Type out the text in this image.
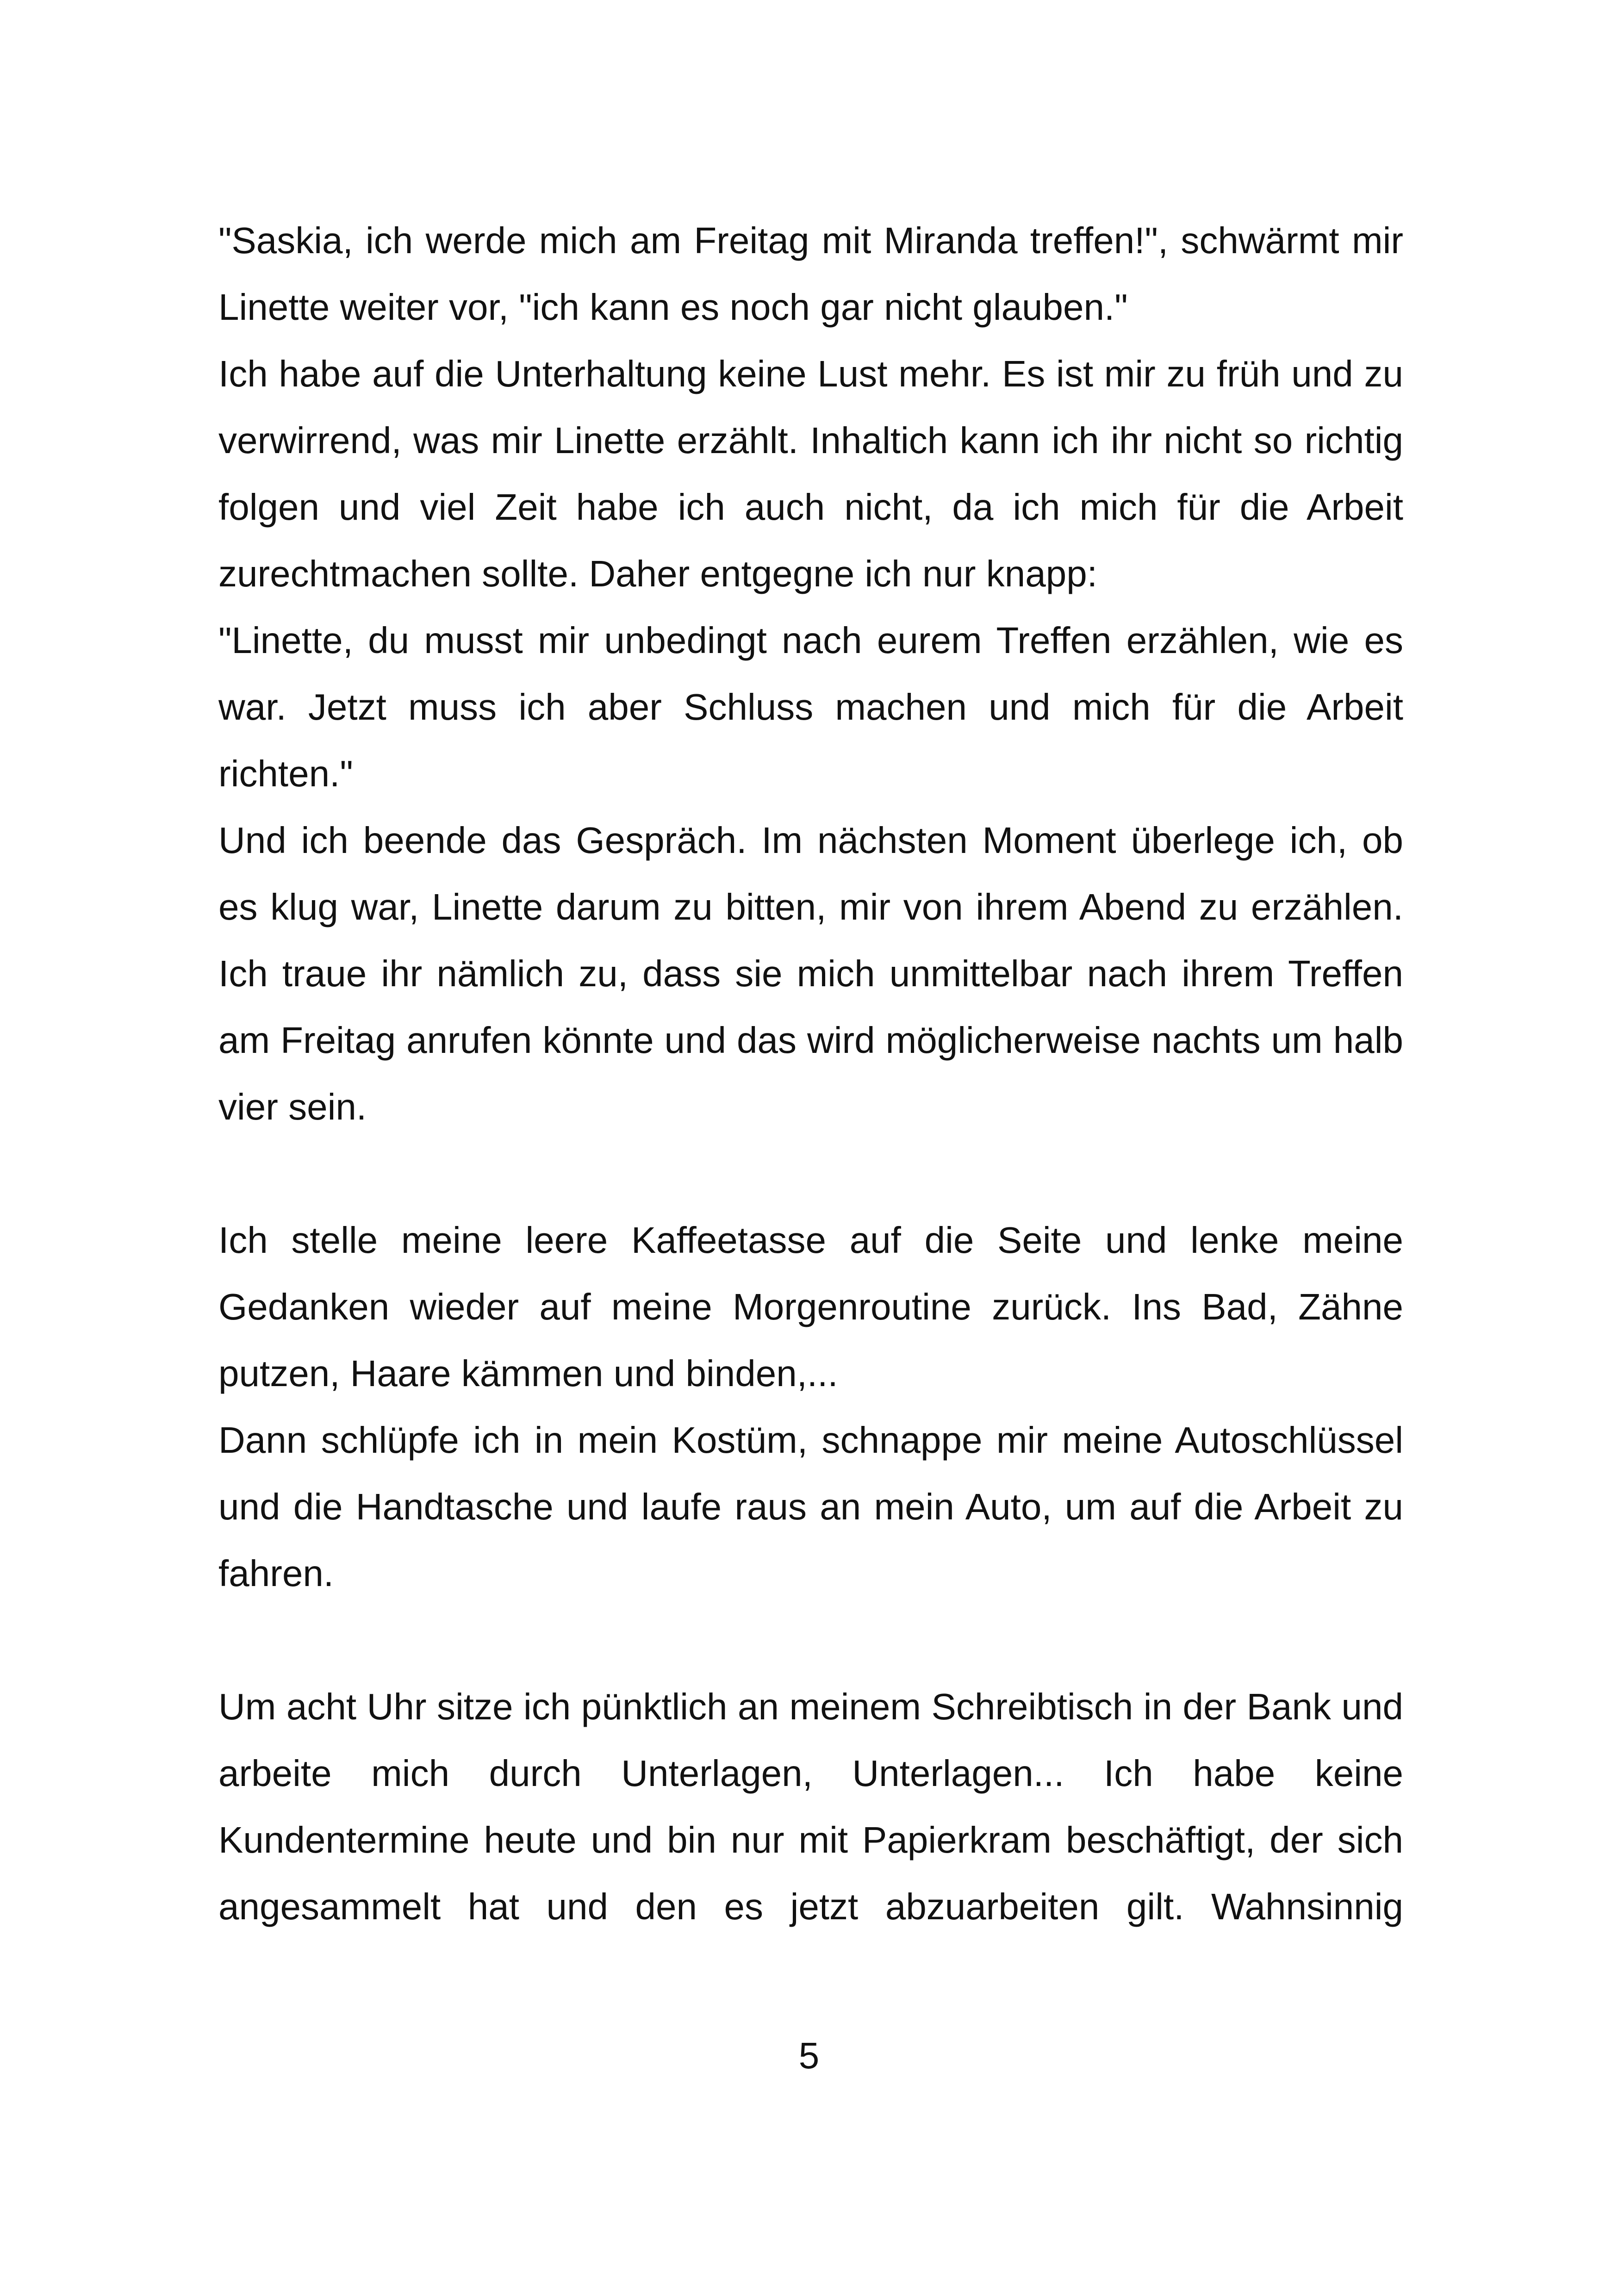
"Saskia, ich werde mich am Freitag mit Miranda treffen!", schwärmt mir Linette weiter vor, "ich kann es noch gar nicht glauben."

Ich habe auf die Unterhaltung keine Lust mehr. Es ist mir zu früh und zu verwirrend, was mir Linette erzählt. Inhaltich kann ich ihr nicht so richtig folgen und viel Zeit habe ich auch nicht, da ich mich für die Arbeit zurechtmachen sollte. Daher entgegne ich nur knapp:

"Linette, du musst mir unbedingt nach eurem Treffen erzählen, wie es war. Jetzt muss ich aber Schluss machen und mich für die Arbeit richten."

Und ich beende das Gespräch. Im nächsten Moment überlege ich, ob es klug war, Linette darum zu bitten, mir von ihrem Abend zu erzählen. Ich traue ihr nämlich zu, dass sie mich unmittelbar nach ihrem Treffen am Freitag anrufen könnte und das wird möglicherweise nachts um halb vier sein.

Ich stelle meine leere Kaffeetasse auf die Seite und lenke meine Gedanken wieder auf meine Morgenroutine zurück. Ins Bad, Zähne putzen, Haare kämmen und binden,...

Dann schlüpfe ich in mein Kostüm, schnappe mir meine Autoschlüssel und die Handtasche und laufe raus an mein Auto, um auf die Arbeit zu fahren.

Um acht Uhr sitze ich pünktlich an meinem Schreibtisch in der Bank und arbeite mich durch Unterlagen, Unterlagen... Ich habe keine Kundentermine heute und bin nur mit Papierkram beschäftigt, der sich angesammelt hat und den es jetzt abzuarbeiten gilt. Wahnsinnig

5
